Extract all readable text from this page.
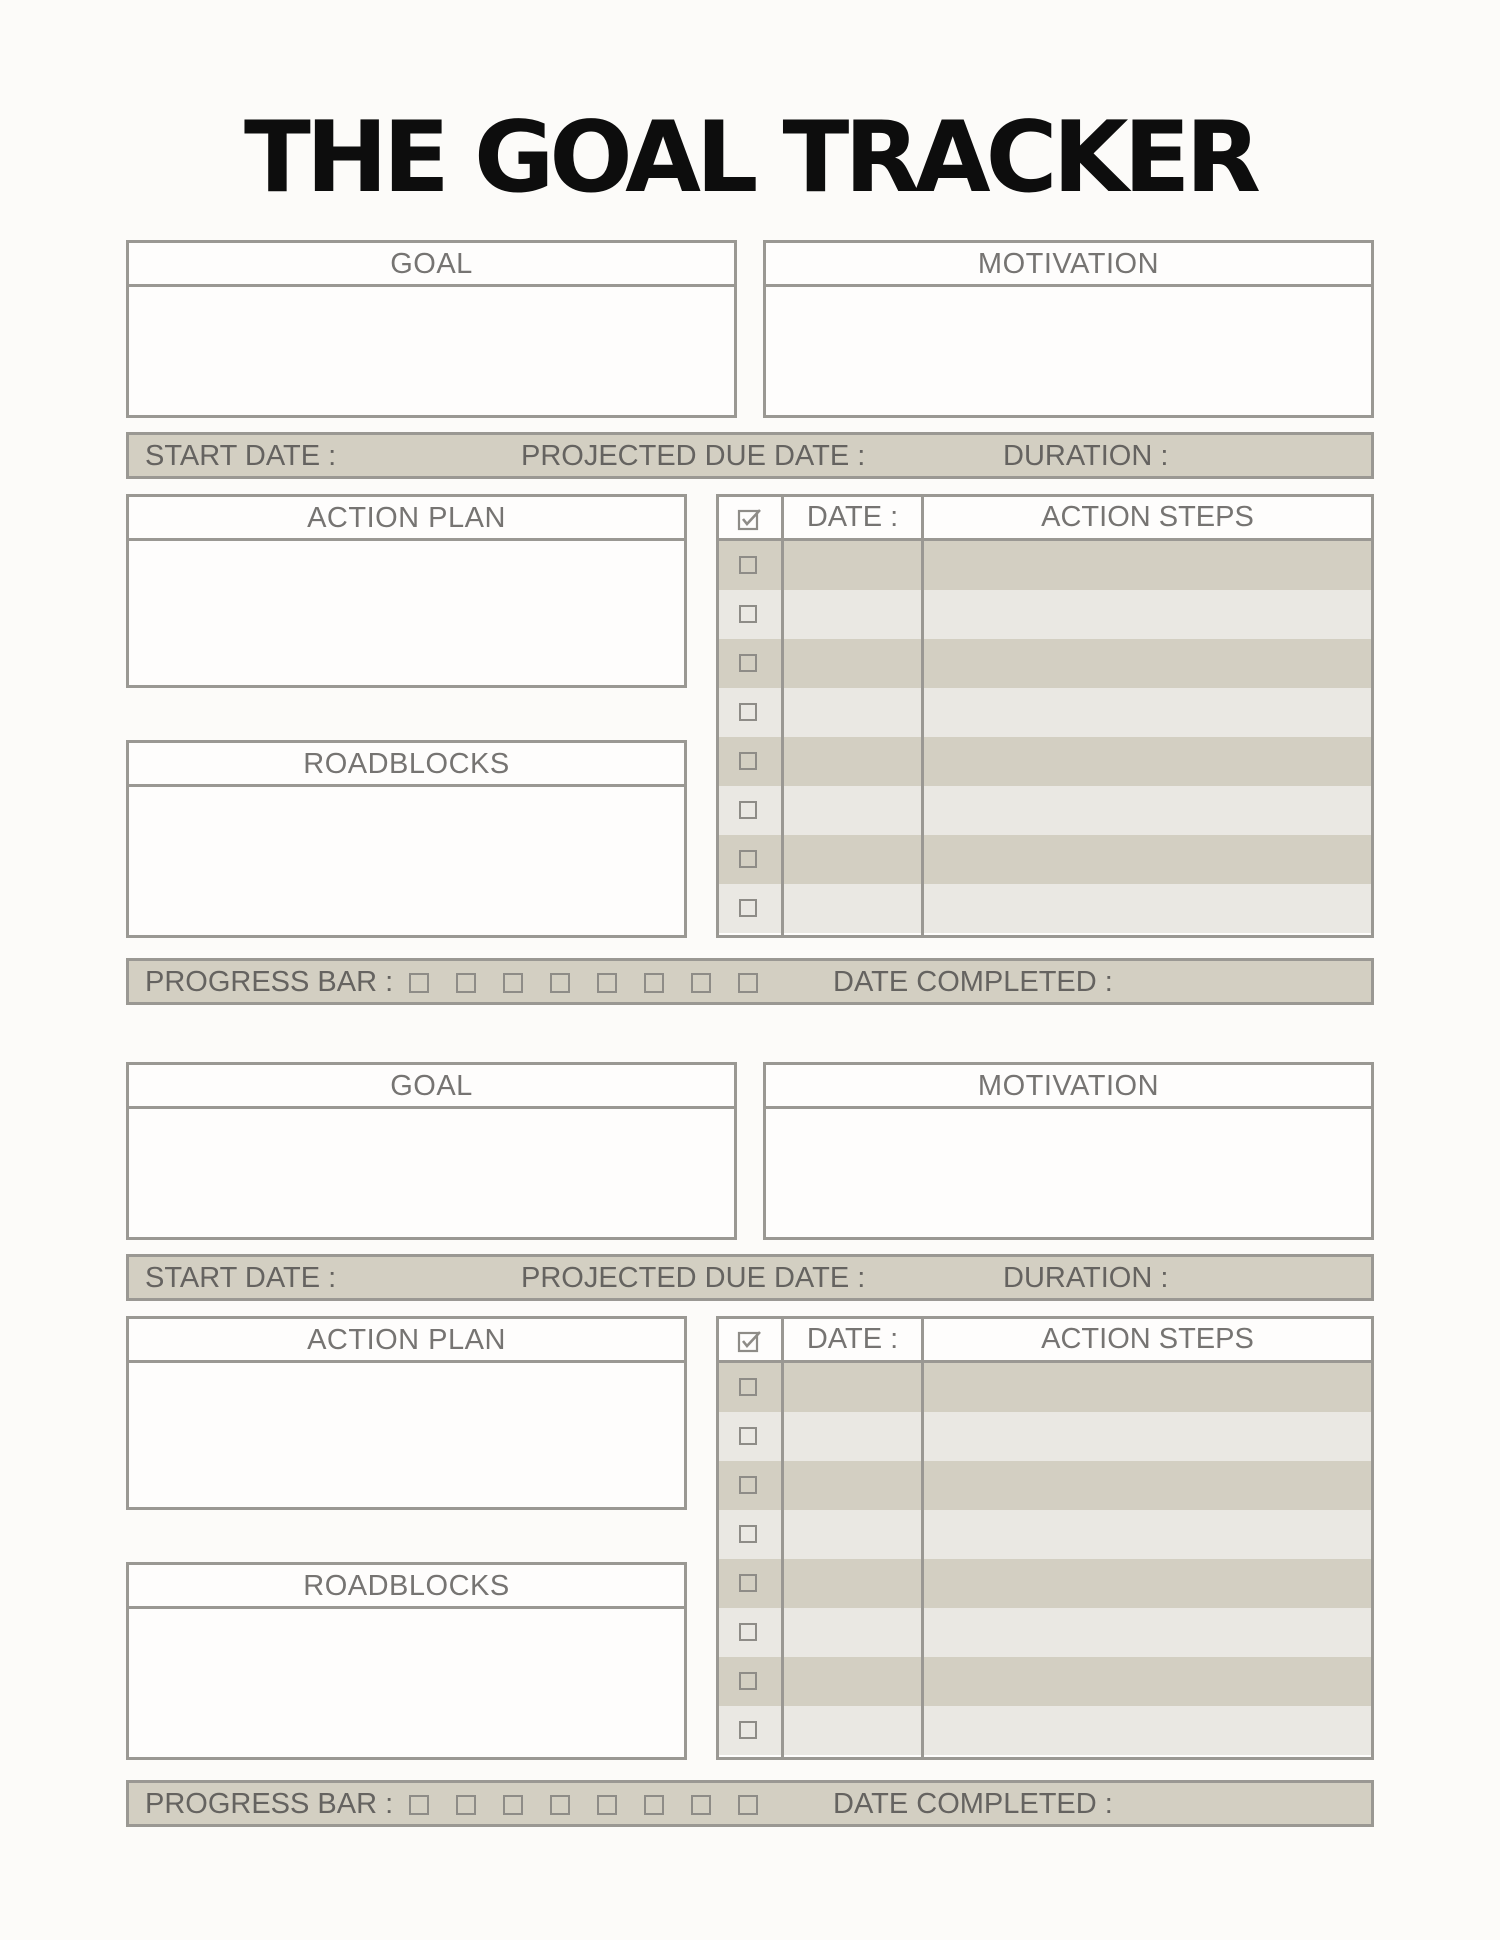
THE GOAL TRACKER
GOAL	MOTIVATION
START DATE :	PROJECTED DUE DATE :	DURATION :
ACTION PLAN
ROADBLOCKS
DATE :	ACTION STEPS
PROGRESS BAR :	DATE COMPLETED :
GOAL	MOTIVATION
START DATE :	PROJECTED DUE DATE :	DURATION :
ACTION PLAN
ROADBLOCKS
DATE :	ACTION STEPS
PROGRESS BAR :	DATE COMPLETED :
